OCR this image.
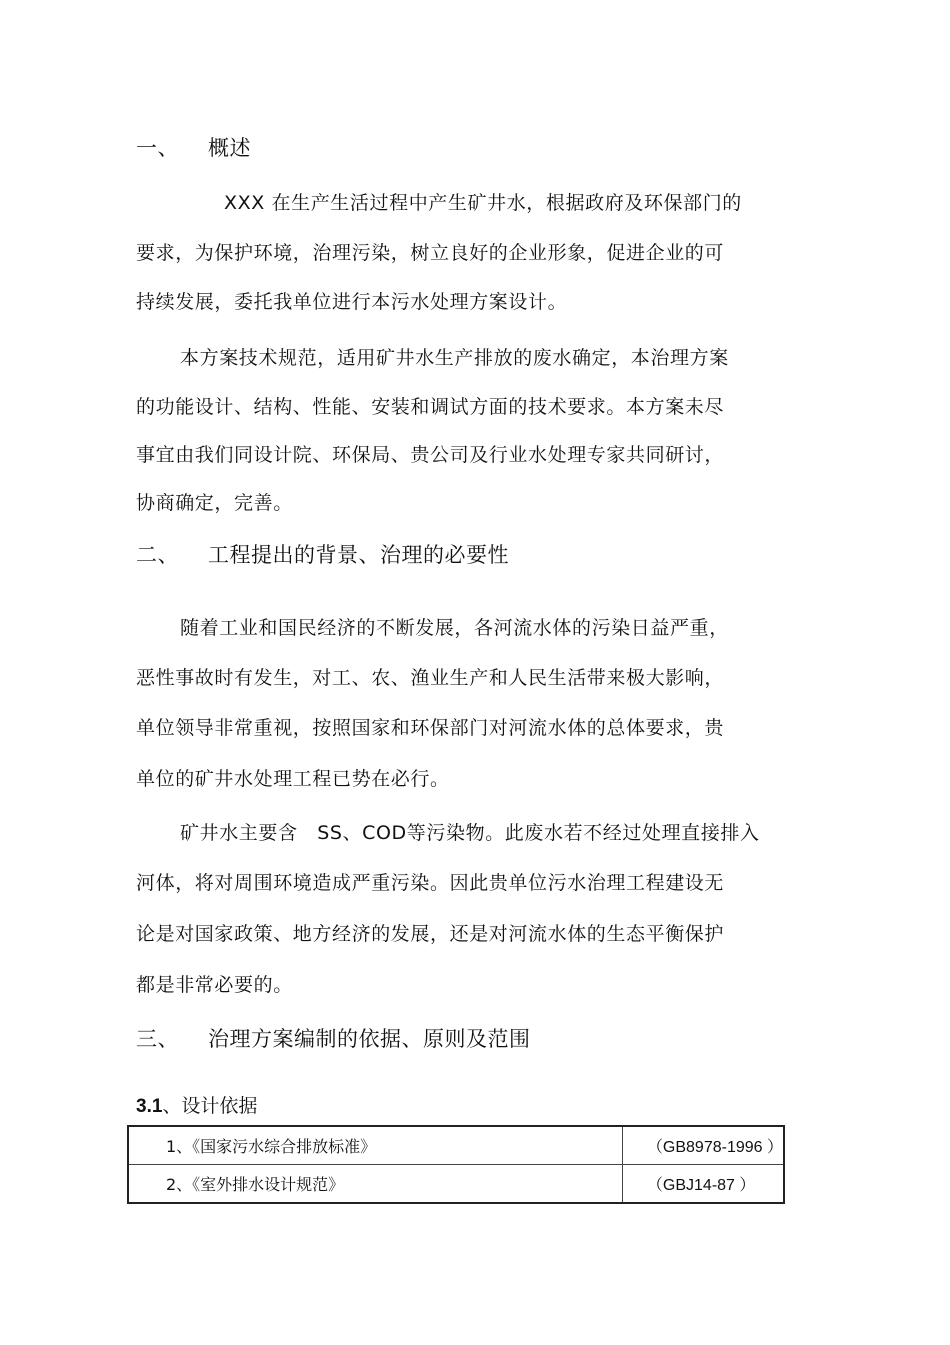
一、 概述
XXX 在生产生活过程中产生矿井水，根据政府及环保部门的
要求，为保护环境，治理污染，树立良好的企业形象，促进企业的可
持续发展，委托我单位进行本污水处理方案设计。
本方案技术规范，适用矿井水生产排放的废水确定，本治理方案
的功能设计、结构、性能、安装和调试方面的技术要求。本方案未尽
事宜由我们同设计院、环保局、贵公司及行业水处理专家共同研讨，
协商确定，完善。
二、 工程提出的背景、治理的必要性
随着工业和国民经济的不断发展，各河流水体的污染日益严重，
恶性事故时有发生，对工、农、渔业生产和人民生活带来极大影响，
单位领导非常重视，按照国家和环保部门对河流水体的总体要求，贵
单位的矿井水处理工程已势在必行。
矿井水主要含　SS、COD等污染物。此废水若不经过处理直接排入
河体，将对周围环境造成严重污染。因此贵单位污水治理工程建设无
论是对国家政策、地方经济的发展，还是对河流水体的生态平衡保护
都是非常必要的。
三、 治理方案编制的依据、原则及范围
3.1、设计依据
1、《国家污水综合排放标准》	（GB8978-1996 ）
2、《室外排水设计规范》	（GBJ14-87 ）
